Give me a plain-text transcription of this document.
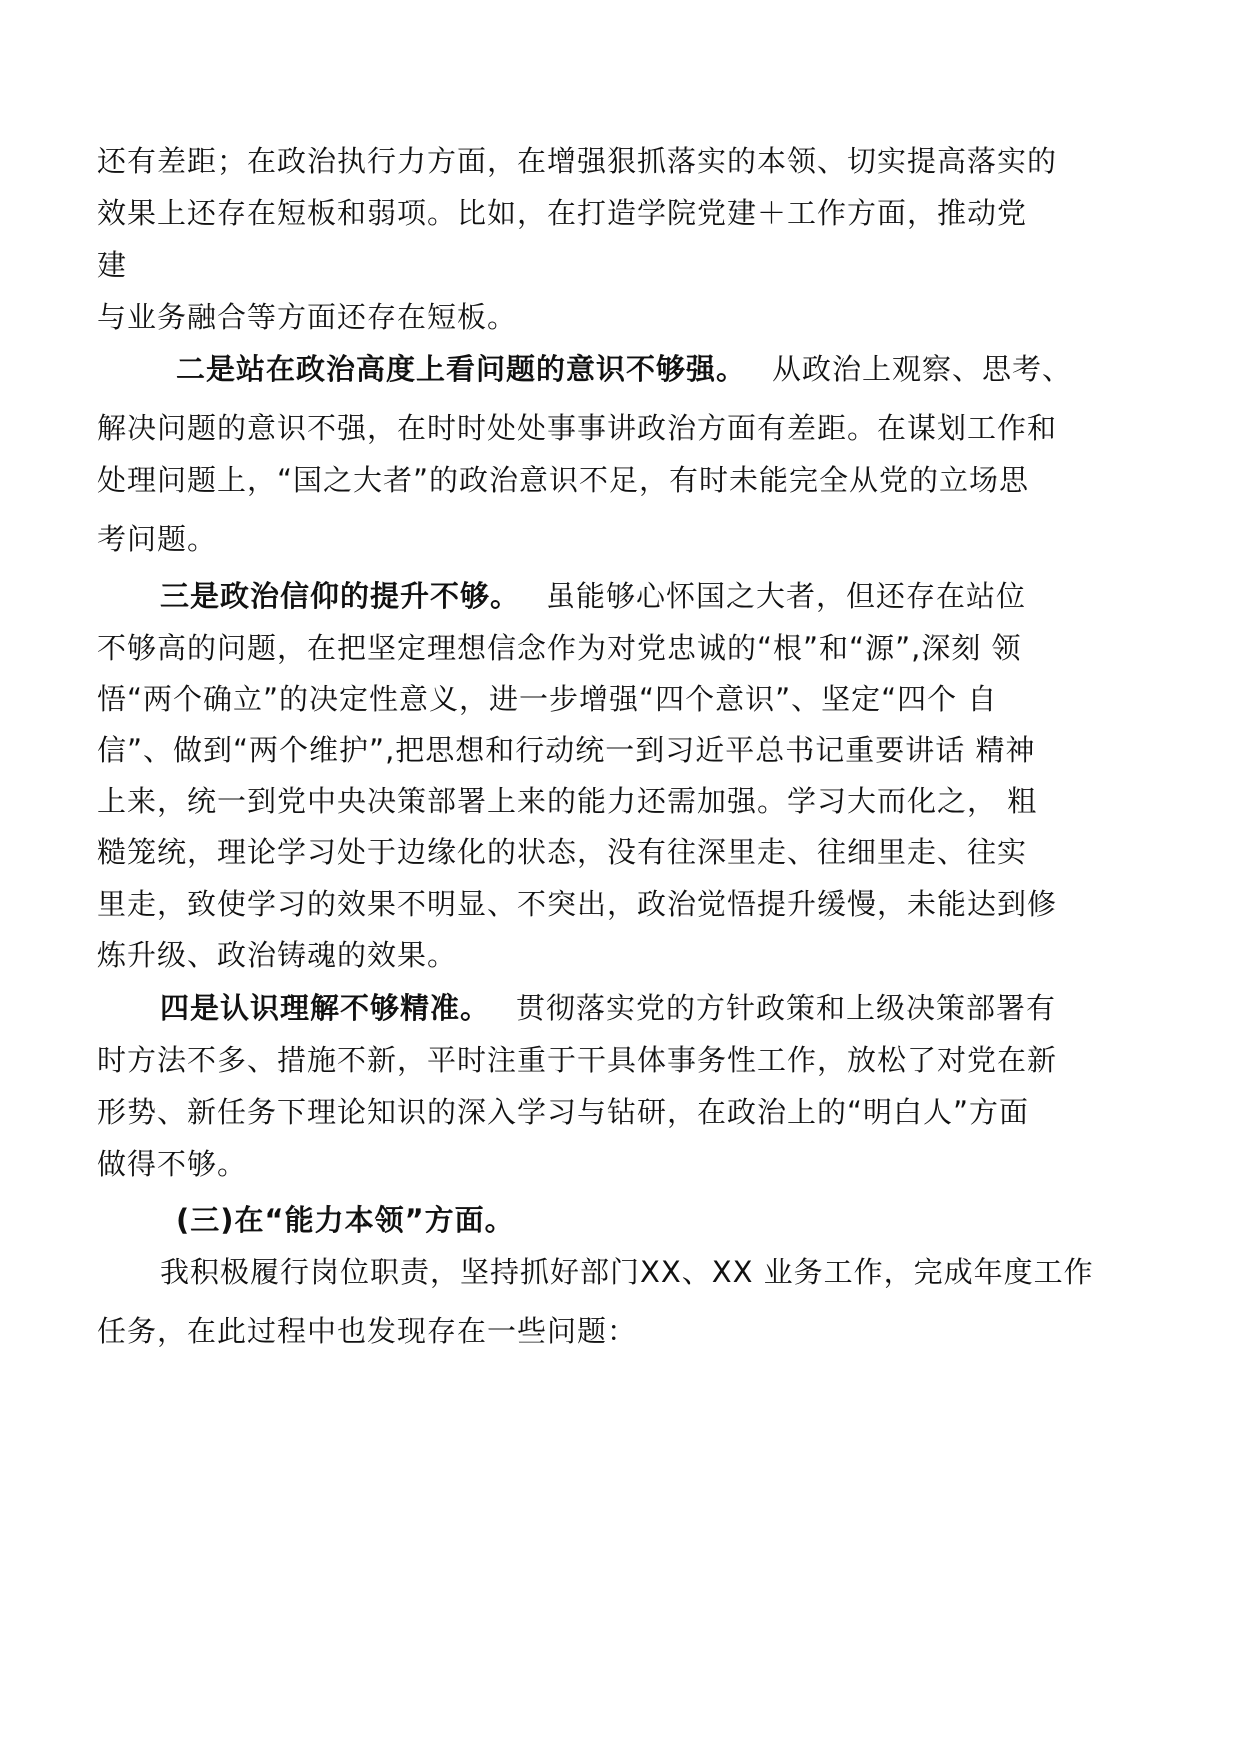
还有差距；在政治执行力方面，在增强狠抓落实的本领、切实提高落实的
效果上还存在短板和弱项。比如，在打造学院党建＋工作方面，推动党
建
与业务融合等方面还存在短板。
二是站在政治高度上看问题的意识不够强。 从政治上观察、思考、
解决问题的意识不强，在时时处处事事讲政治方面有差距。在谋划工作和
处理问题上，“国之大者”的政治意识不足，有时未能完全从党的立场思
考问题。
三是政治信仰的提升不够。 虽能够心怀国之大者，但还存在站位
不够高的问题，在把坚定理想信念作为对党忠诚的“根”和“源”,深刻 领
悟“两个确立”的决定性意义，进一步增强“四个意识”、坚定“四个 自
信”、做到“两个维护”,把思想和行动统一到习近平总书记重要讲话 精神
上来，统一到党中央决策部署上来的能力还需加强。学习大而化之， 粗
糙笼统，理论学习处于边缘化的状态，没有往深里走、往细里走、往实
里走，致使学习的效果不明显、不突出，政治觉悟提升缓慢，未能达到修
炼升级、政治铸魂的效果。
四是认识理解不够精准。 贯彻落实党的方针政策和上级决策部署有
时方法不多、措施不新，平时注重于干具体事务性工作，放松了对党在新
形势、新任务下理论知识的深入学习与钻研，在政治上的“明白人”方面
做得不够。
(三)在“能力本领”方面。
我积极履行岗位职责，坚持抓好部门XX、XX 业务工作，完成年度工作
任务，在此过程中也发现存在一些问题：
